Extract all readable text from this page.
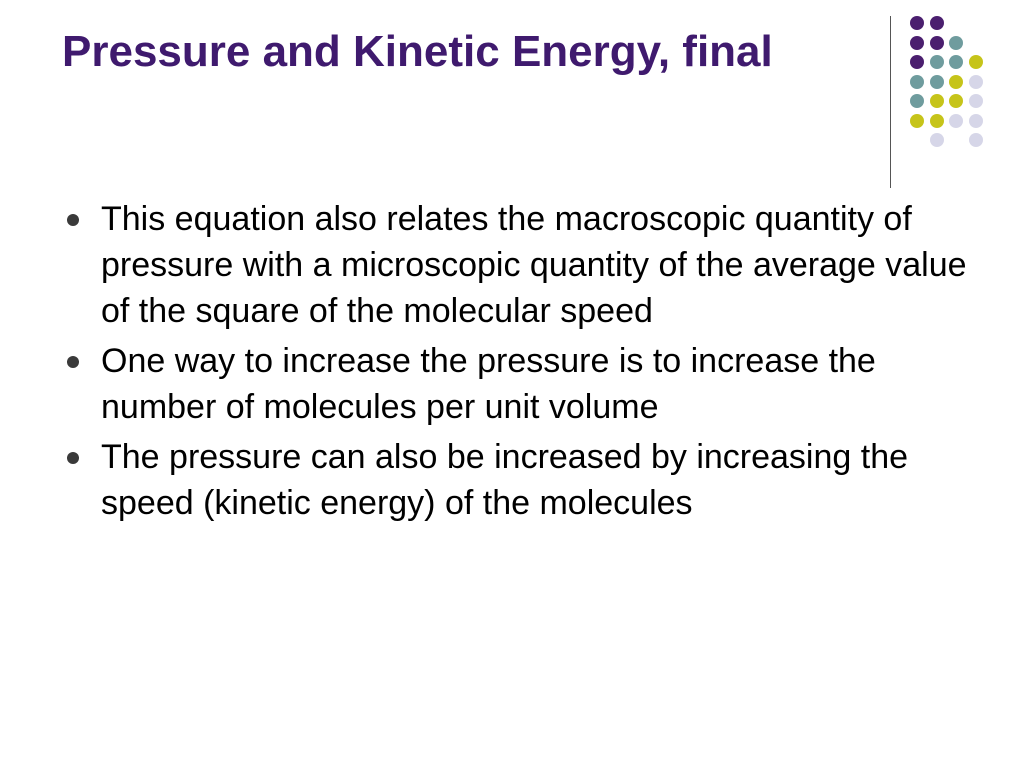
Pressure and Kinetic Energy, final
This equation also relates the macroscopic quantity of pressure with a microscopic quantity of the average value of the square of the molecular speed
One way to increase the pressure is to increase the number of molecules per unit volume
The pressure can also be increased by increasing the speed (kinetic energy) of the molecules
